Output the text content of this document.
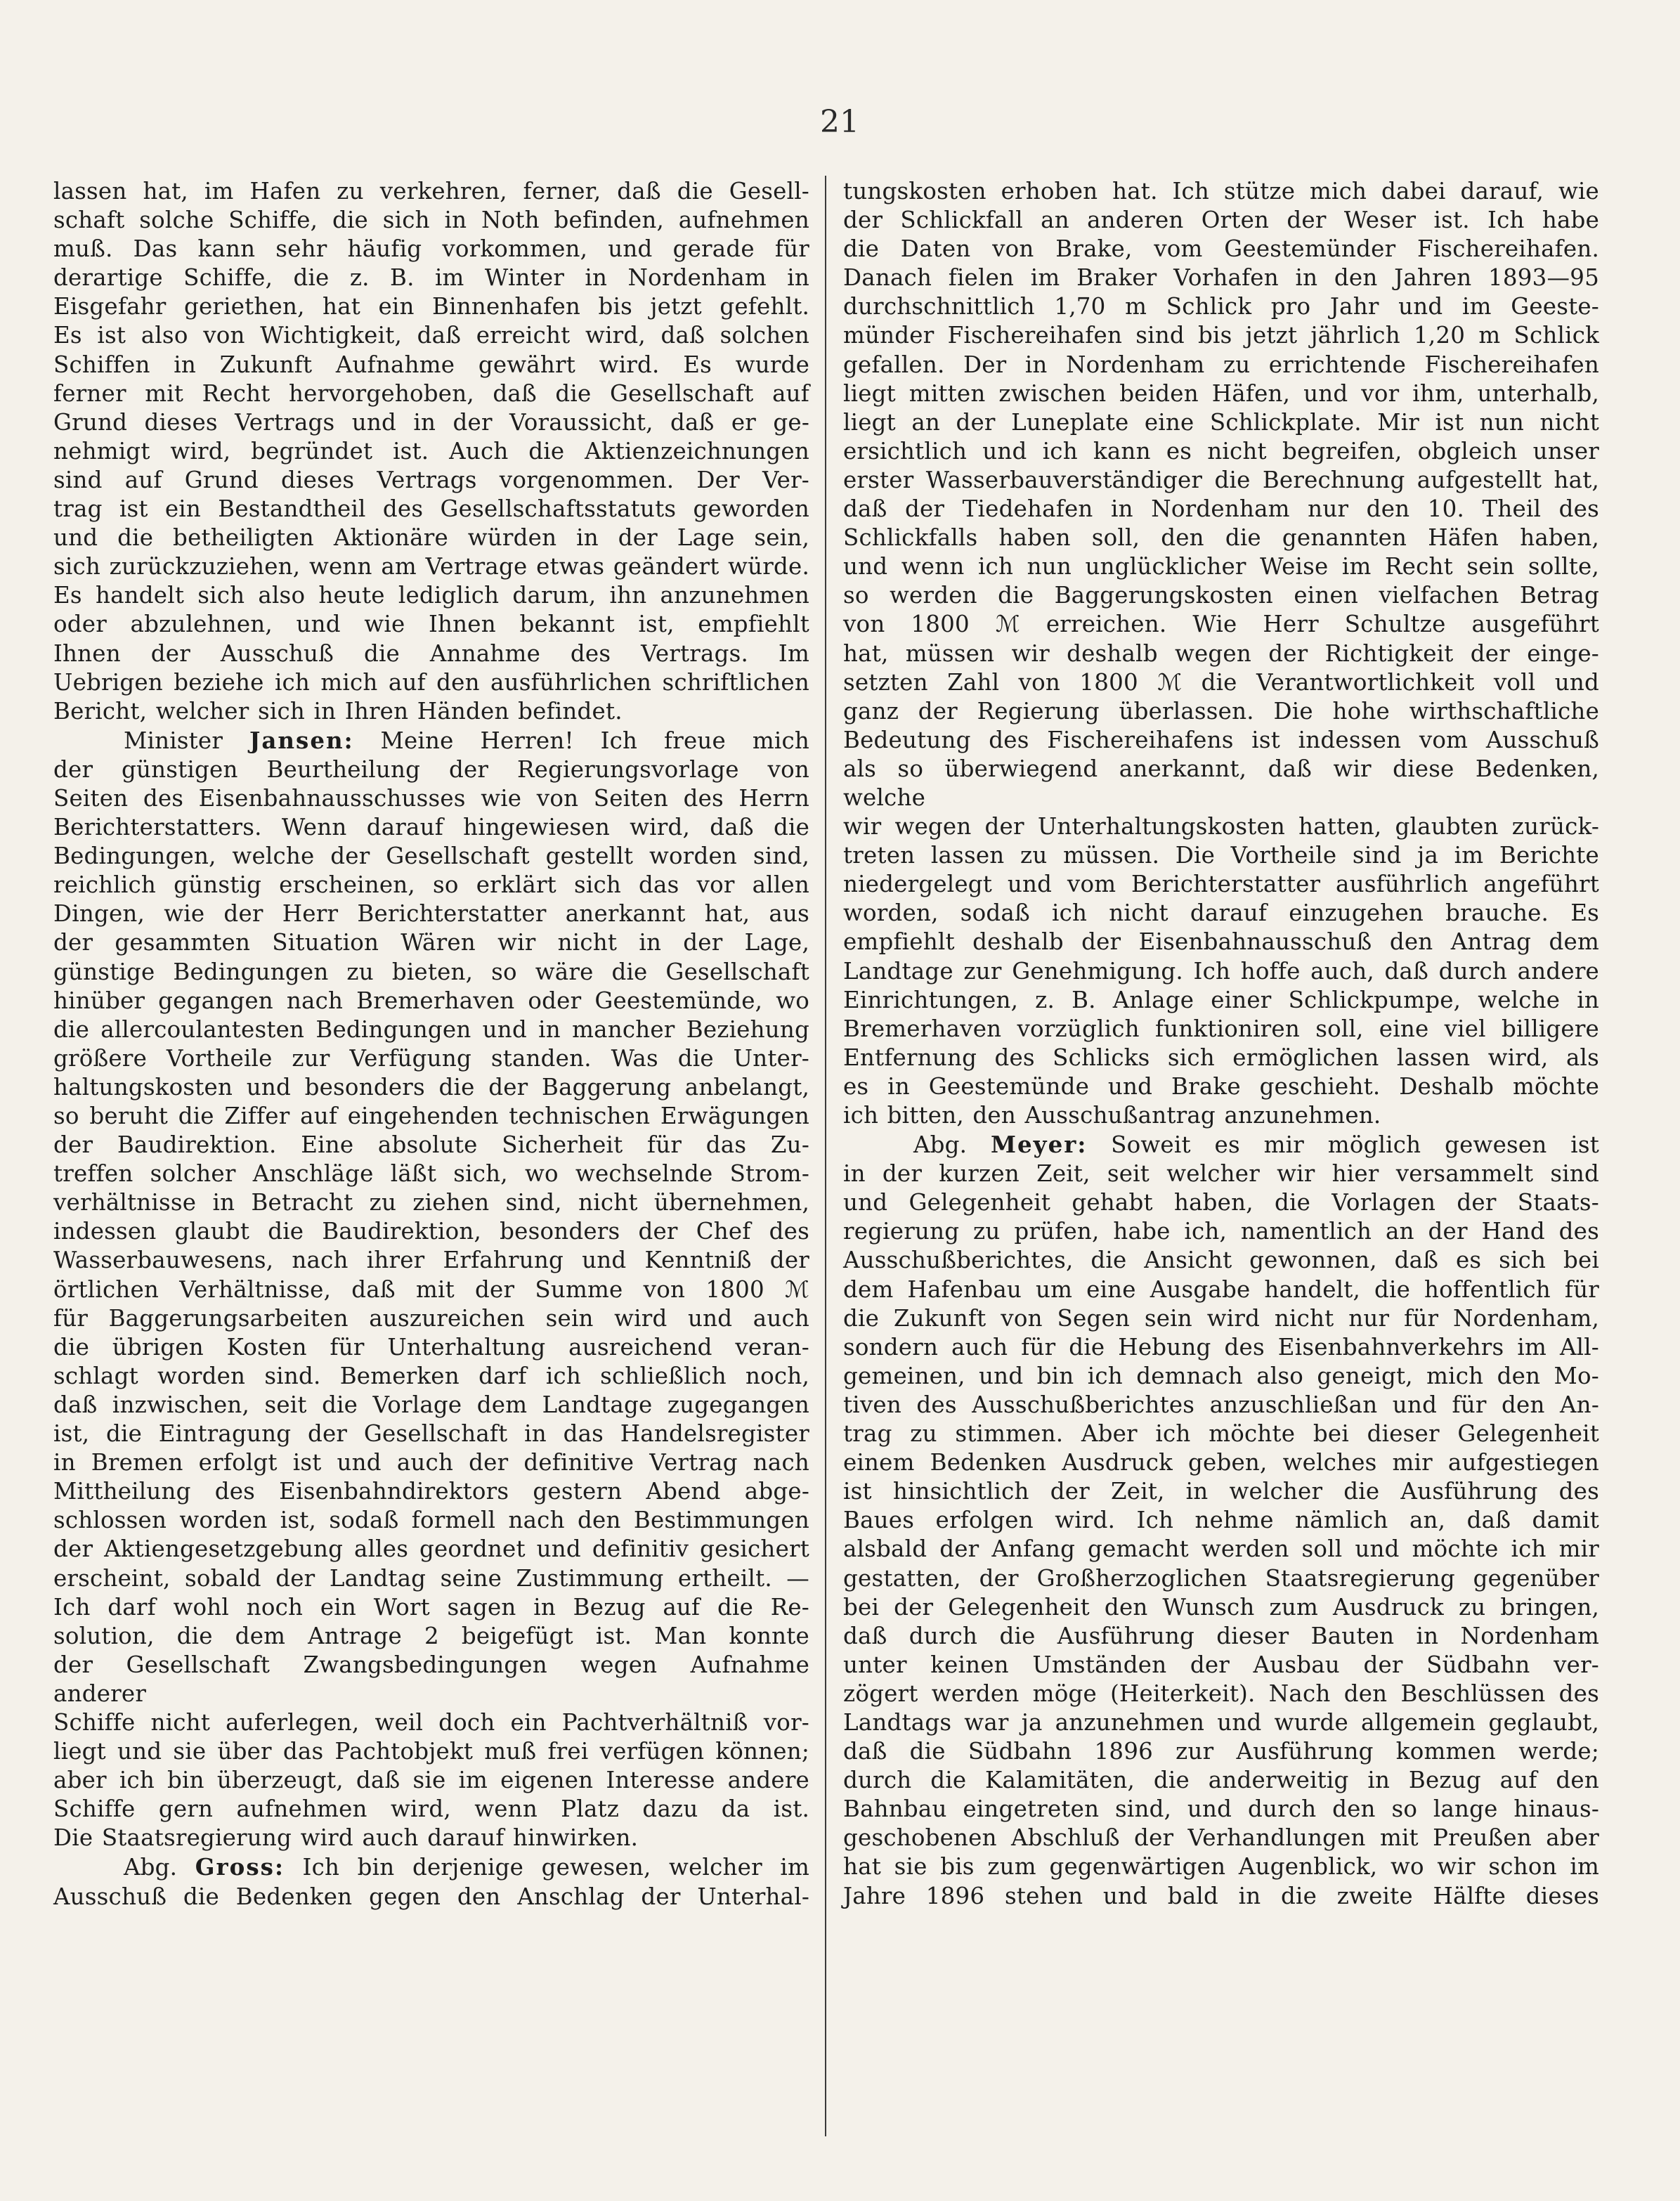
21

lassen hat, im Hafen zu verkehren, ferner, daß die Gesell-

schaft solche Schiffe, die sich in Noth befinden, aufnehmen

muß. Das kann sehr häufig vorkommen, und gerade für

derartige Schiffe, die z. B. im Winter in Nordenham in

Eisgefahr geriethen, hat ein Binnenhafen bis jetzt gefehlt.

Es ist also von Wichtigkeit, daß erreicht wird, daß solchen

Schiffen in Zukunft Aufnahme gewährt wird. Es wurde

ferner mit Recht hervorgehoben, daß die Gesellschaft auf

Grund dieses Vertrags und in der Voraussicht, daß er ge-

nehmigt wird, begründet ist. Auch die Aktienzeichnungen

sind auf Grund dieses Vertrags vorgenommen. Der Ver-

trag ist ein Bestandtheil des Gesellschaftsstatuts geworden

und die betheiligten Aktionäre würden in der Lage sein,

sich zurückzuziehen, wenn am Vertrage etwas geändert würde.

Es handelt sich also heute lediglich darum, ihn anzunehmen

oder abzulehnen, und wie Ihnen bekannt ist, empfiehlt

Ihnen der Ausschuß die Annahme des Vertrags. Im

Uebrigen beziehe ich mich auf den ausführlichen schriftlichen

Bericht, welcher sich in Ihren Händen befindet.

Minister Jansen: Meine Herren! Ich freue mich

der günstigen Beurtheilung der Regierungsvorlage von

Seiten des Eisenbahnausschusses wie von Seiten des Herrn

Berichterstatters. Wenn darauf hingewiesen wird, daß die

Bedingungen, welche der Gesellschaft gestellt worden sind,

reichlich günstig erscheinen, so erklärt sich das vor allen

Dingen, wie der Herr Berichterstatter anerkannt hat, aus

der gesammten Situation Wären wir nicht in der Lage,

günstige Bedingungen zu bieten, so wäre die Gesellschaft

hinüber gegangen nach Bremerhaven oder Geestemünde, wo

die allercoulantesten Bedingungen und in mancher Beziehung

größere Vortheile zur Verfügung standen. Was die Unter-

haltungskosten und besonders die der Baggerung anbelangt,

so beruht die Ziffer auf eingehenden technischen Erwägungen

der Baudirektion. Eine absolute Sicherheit für das Zu-

treffen solcher Anschläge läßt sich, wo wechselnde Strom-

verhältnisse in Betracht zu ziehen sind, nicht übernehmen,

indessen glaubt die Baudirektion, besonders der Chef des

Wasserbauwesens, nach ihrer Erfahrung und Kenntniß der

örtlichen Verhältnisse, daß mit der Summe von 1800 ℳ

für Baggerungsarbeiten auszureichen sein wird und auch

die übrigen Kosten für Unterhaltung ausreichend veran-

schlagt worden sind. Bemerken darf ich schließlich noch,

daß inzwischen, seit die Vorlage dem Landtage zugegangen

ist, die Eintragung der Gesellschaft in das Handelsregister

in Bremen erfolgt ist und auch der definitive Vertrag nach

Mittheilung des Eisenbahndirektors gestern Abend abge-

schlossen worden ist, sodaß formell nach den Bestimmungen

der Aktiengesetzgebung alles geordnet und definitiv gesichert

erscheint, sobald der Landtag seine Zustimmung ertheilt. —

Ich darf wohl noch ein Wort sagen in Bezug auf die Re-

solution, die dem Antrage 2 beigefügt ist. Man konnte

der Gesellschaft Zwangsbedingungen wegen Aufnahme anderer

Schiffe nicht auferlegen, weil doch ein Pachtverhältniß vor-

liegt und sie über das Pachtobjekt muß frei verfügen können;

aber ich bin überzeugt, daß sie im eigenen Interesse andere

Schiffe gern aufnehmen wird, wenn Platz dazu da ist.

Die Staatsregierung wird auch darauf hinwirken.

Abg. Gross: Ich bin derjenige gewesen, welcher im

Ausschuß die Bedenken gegen den Anschlag der Unterhal-

tungskosten erhoben hat. Ich stütze mich dabei darauf, wie

der Schlickfall an anderen Orten der Weser ist. Ich habe

die Daten von Brake, vom Geestemünder Fischereihafen.

Danach fielen im Braker Vorhafen in den Jahren 1893—95

durchschnittlich 1,70 m Schlick pro Jahr und im Geeste-

münder Fischereihafen sind bis jetzt jährlich 1,20 m Schlick

gefallen. Der in Nordenham zu errichtende Fischereihafen

liegt mitten zwischen beiden Häfen, und vor ihm, unterhalb,

liegt an der Luneplate eine Schlickplate. Mir ist nun nicht

ersichtlich und ich kann es nicht begreifen, obgleich unser

erster Wasserbauverständiger die Berechnung aufgestellt hat,

daß der Tiedehafen in Nordenham nur den 10. Theil des

Schlickfalls haben soll, den die genannten Häfen haben,

und wenn ich nun unglücklicher Weise im Recht sein sollte,

so werden die Baggerungskosten einen vielfachen Betrag

von 1800 ℳ erreichen. Wie Herr Schultze ausgeführt

hat, müssen wir deshalb wegen der Richtigkeit der einge-

setzten Zahl von 1800 ℳ die Verantwortlichkeit voll und

ganz der Regierung überlassen. Die hohe wirthschaftliche

Bedeutung des Fischereihafens ist indessen vom Ausschuß

als so überwiegend anerkannt, daß wir diese Bedenken, welche

wir wegen der Unterhaltungskosten hatten, glaubten zurück-

treten lassen zu müssen. Die Vortheile sind ja im Berichte

niedergelegt und vom Berichterstatter ausführlich angeführt

worden, sodaß ich nicht darauf einzugehen brauche. Es

empfiehlt deshalb der Eisenbahnausschuß den Antrag dem

Landtage zur Genehmigung. Ich hoffe auch, daß durch andere

Einrichtungen, z. B. Anlage einer Schlickpumpe, welche in

Bremerhaven vorzüglich funktioniren soll, eine viel billigere

Entfernung des Schlicks sich ermöglichen lassen wird, als

es in Geestemünde und Brake geschieht. Deshalb möchte

ich bitten, den Ausschußantrag anzunehmen.

Abg. Meyer: Soweit es mir möglich gewesen ist

in der kurzen Zeit, seit welcher wir hier versammelt sind

und Gelegenheit gehabt haben, die Vorlagen der Staats-

regierung zu prüfen, habe ich, namentlich an der Hand des

Ausschußberichtes, die Ansicht gewonnen, daß es sich bei

dem Hafenbau um eine Ausgabe handelt, die hoffentlich für

die Zukunft von Segen sein wird nicht nur für Nordenham,

sondern auch für die Hebung des Eisenbahnverkehrs im All-

gemeinen, und bin ich demnach also geneigt, mich den Mo-

tiven des Ausschußberichtes anzuschließan und für den An-

trag zu stimmen. Aber ich möchte bei dieser Gelegenheit

einem Bedenken Ausdruck geben, welches mir aufgestiegen

ist hinsichtlich der Zeit, in welcher die Ausführung des

Baues erfolgen wird. Ich nehme nämlich an, daß damit

alsbald der Anfang gemacht werden soll und möchte ich mir

gestatten, der Großherzoglichen Staatsregierung gegenüber

bei der Gelegenheit den Wunsch zum Ausdruck zu bringen,

daß durch die Ausführung dieser Bauten in Nordenham

unter keinen Umständen der Ausbau der Südbahn ver-

zögert werden möge (Heiterkeit). Nach den Beschlüssen des

Landtags war ja anzunehmen und wurde allgemein geglaubt,

daß die Südbahn 1896 zur Ausführung kommen werde;

durch die Kalamitäten, die anderweitig in Bezug auf den

Bahnbau eingetreten sind, und durch den so lange hinaus-

geschobenen Abschluß der Verhandlungen mit Preußen aber

hat sie bis zum gegenwärtigen Augenblick, wo wir schon im

Jahre 1896 stehen und bald in die zweite Hälfte dieses
